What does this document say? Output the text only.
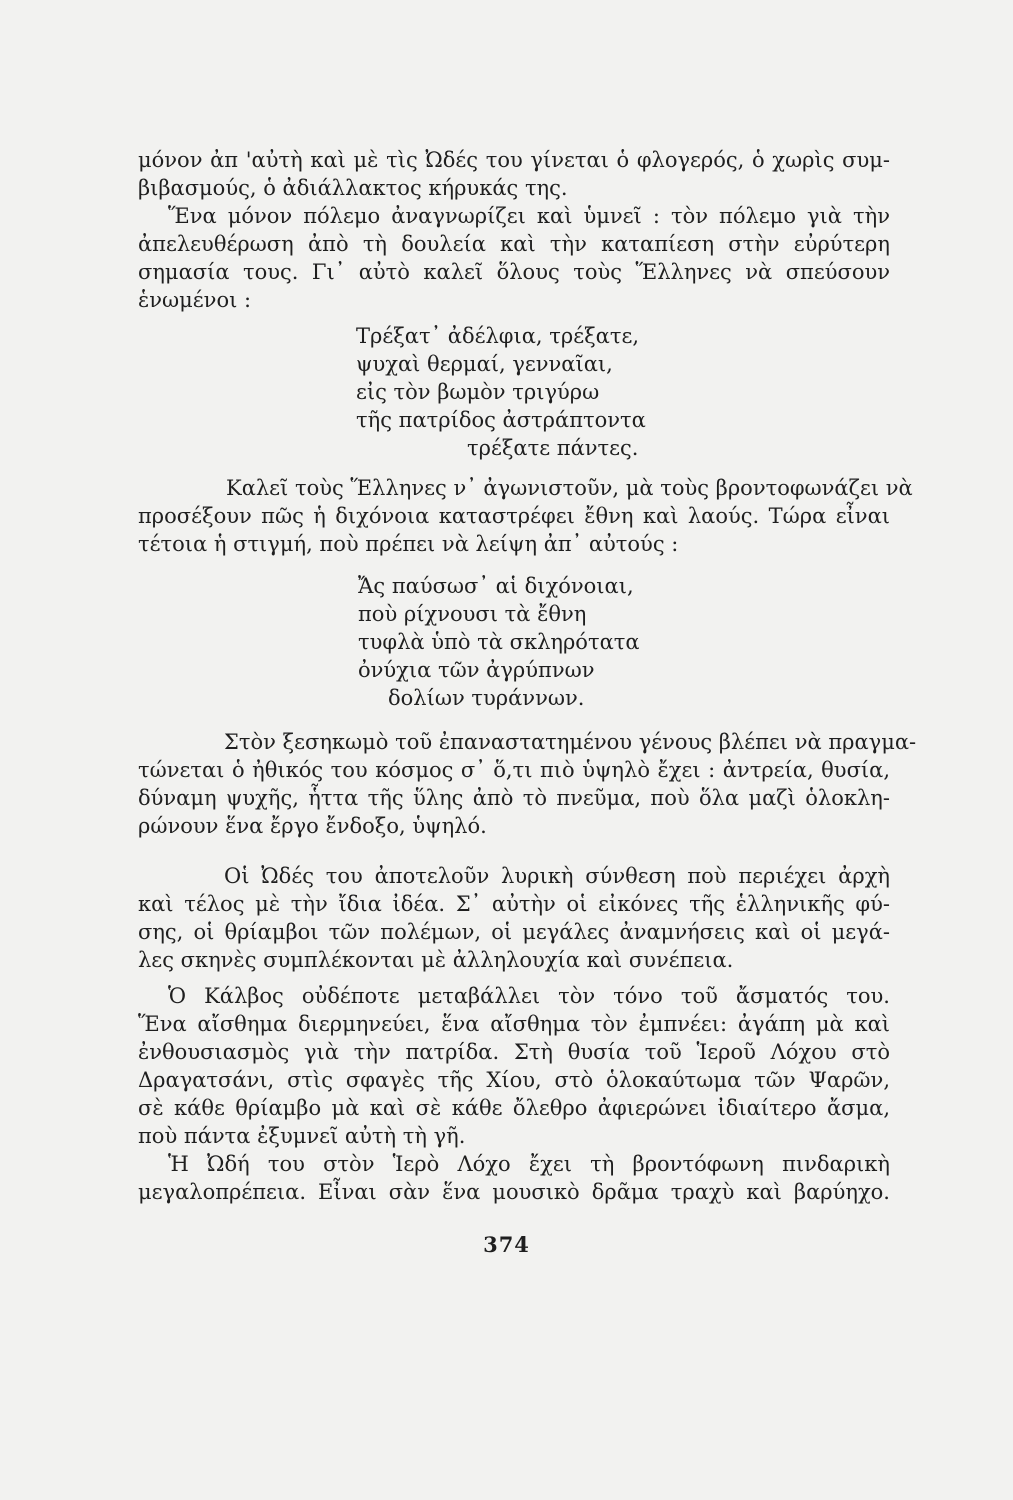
μόνον ἀπ 'αὐτὴ καὶ μὲ τὶς Ὠδές του γίνεται ὁ φλογερός, ὁ χωρὶς συμ-
βιβασμούς, ὁ ἀδιάλλακτος κήρυκάς της.
Ἕνα μόνον πόλεμο ἀναγνωρίζει καὶ ὑμνεῖ : τὸν πόλεμο γιὰ τὴν
ἀπελευθέρωση ἀπὸ τὴ δουλεία καὶ τὴν καταπίεση στὴν εὐρύτερη
σημασία τους. Γι᾽ αὐτὸ καλεῖ ὅλους τοὺς Ἕλληνες νὰ σπεύσουν
ἑνωμένοι :
Τρέξατ᾽ ἀδέλφια, τρέξατε,
ψυχαὶ θερμαί, γενναῖαι,
εἰς τὸν βωμὸν τριγύρω
τῆς πατρίδος ἀστράπτοντα
τρέξατε πάντες.
Καλεῖ τοὺς Ἕλληνες ν᾽ ἀγωνιστοῦν, μὰ τοὺς βροντοφωνάζει νὰ
προσέξουν πῶς ἡ διχόνοια καταστρέφει ἔθνη καὶ λαούς. Τώρα εἶναι
τέτοια ἡ στιγμή, ποὺ πρέπει νὰ λείψη ἀπ᾽ αὐτούς :
Ἄς παύσωσ᾽ αἱ διχόνοιαι,
ποὺ ρίχνουσι τὰ ἔθνη
τυφλὰ ὑπὸ τὰ σκληρότατα
ὀνύχια τῶν ἀγρύπνων
δολίων τυράννων.
Στὸν ξεσηκωμὸ τοῦ ἐπαναστατημένου γένους βλέπει νὰ πραγμα-
τώνεται ὁ ἠθικός του κόσμος σ᾽ ὅ,τι πιὸ ὑψηλὸ ἔχει : ἀντρεία, θυσία,
δύναμη ψυχῆς, ἧττα τῆς ὕλης ἀπὸ τὸ πνεῦμα, ποὺ ὅλα μαζὶ ὁλοκλη-
ρώνουν ἕνα ἔργο ἔνδοξο, ὑψηλό.
Οἱ Ὠδές του ἀποτελοῦν λυρικὴ σύνθεση ποὺ περιέχει ἀρχὴ
καὶ τέλος μὲ τὴν ἴδια ἰδέα. Σ᾽ αὐτὴν οἱ εἰκόνες τῆς ἑλληνικῆς φύ-
σης, οἱ θρίαμβοι τῶν πολέμων, οἱ μεγάλες ἀναμνήσεις καὶ οἱ μεγά-
λες σκηνὲς συμπλέκονται μὲ ἀλληλουχία καὶ συνέπεια.
Ὁ Κάλβος οὐδέποτε μεταβάλλει τὸν τόνο τοῦ ἄσματός του.
Ἕνα αἴσθημα διερμηνεύει, ἕνα αἴσθημα τὸν ἐμπνέει: ἀγάπη μὰ καὶ
ἐνθουσιασμὸς γιὰ τὴν πατρίδα. Στὴ θυσία τοῦ Ἱεροῦ Λόχου στὸ
Δραγατσάνι, στὶς σφαγὲς τῆς Χίου, στὸ ὁλοκαύτωμα τῶν Ψαρῶν,
σὲ κάθε θρίαμβο μὰ καὶ σὲ κάθε ὄλεθρο ἀφιερώνει ἰδιαίτερο ἄσμα,
ποὺ πάντα ἐξυμνεῖ αὐτὴ τὴ γῆ.
Ἡ Ὠδή του στὸν Ἱερὸ Λόχο ἔχει τὴ βροντόφωνη πινδαρικὴ
μεγαλοπρέπεια. Εἶναι σὰν ἕνα μουσικὸ δρᾶμα τραχὺ καὶ βαρύηχο.
374
